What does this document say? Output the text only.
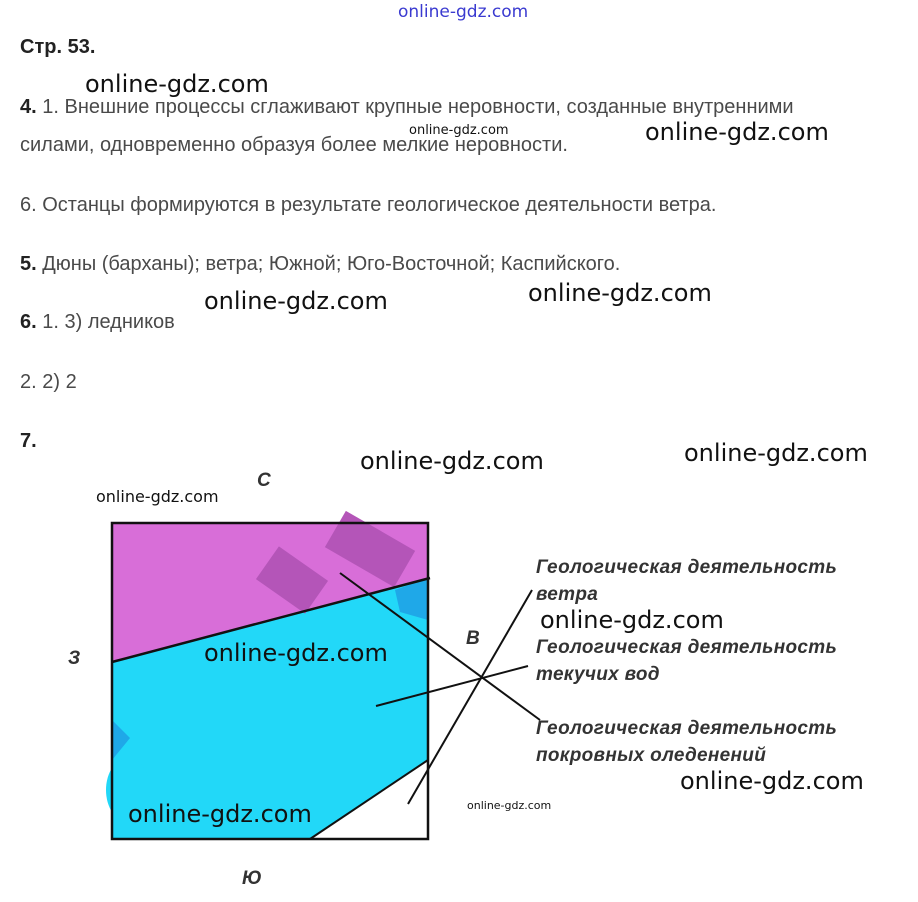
online-gdz.com
Стр. 53.
4. 1. Внешние процессы сглаживают крупные неровности, созданные внутренними
силами, одновременно образуя более мелкие неровности.
6. Останцы формируются в результате геологическое деятельности ветра.
5. Дюны (барханы); ветра; Южной; Юго-Восточной; Каспийского.
6. 1. 3) ледников
2. 2) 2
7.
С
Ю
З
В
Геологическая деятельность ветра
Геологическая деятельность текучих вод
Геологическая деятельность покровных оледенений
online-gdz.com
online-gdz.com	online-gdz.com
online-gdz.com	online-gdz.com
online-gdz.com	online-gdz.com
online-gdz.com
online-gdz.com
online-gdz.com
online-gdz.com
online-gdz.com	online-gdz.com
